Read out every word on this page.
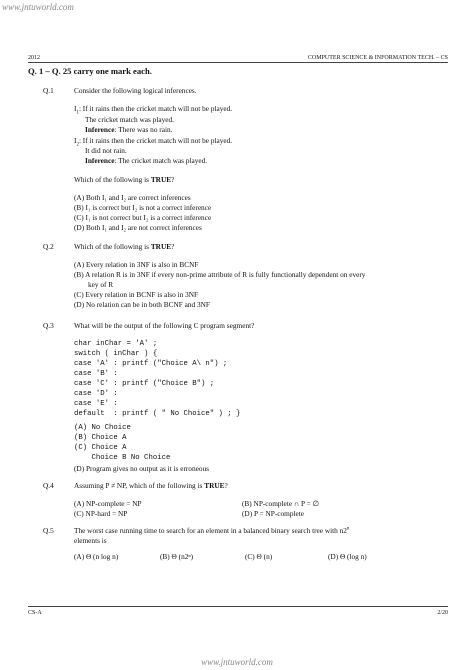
www.jntuworld.com
2012	COMPUTER SCIENCE & INFORMATION TECH. – CS
Q. 1 – Q. 25 carry one mark each.
Q.1	Consider the following logical inferences.
$I_1$: If it rains then the cricket match will not be played.
The cricket match was played.
Inference: There was no rain.
$I_2$: If it rains then the cricket match will not be played.
It did not rain.
Inference: The cricket match was played.
Which of the following is TRUE?
(A) Both I₁ and I₂ are correct inferences
(B) I₁ is correct but I₂ is not a correct inference
(C) I₁ is not correct but I₂ is a correct inference
(D) Both I₁ and I₂ are not correct inferences
Q.2	Which of the following is TRUE?
(A) Every relation in 3NF is also in BCNF
(B) A relation R is in 3NF if every non-prime attribute of R is fully functionally dependent on every
key of R
(C) Every relation in BCNF is also in 3NF
(D) No relation can be in both BCNF and 3NF
Q.3	What will be the output of the following C program segment?
char inChar = 'A' ;
switch ( inChar ) {
case 'A' : printf ("Choice A\ n") ;
case 'B' :
case 'C' : printf ("Choice B") ;
case 'D' :
case 'E' :
default  : printf ( " No Choice" ) ; }
(A) No Choice
(B) Choice A
(C) Choice A
Choice B No Choice
(D) Program gives no output as it is erroneous
Q.4	Assuming P ≠ NP, which of the following is TRUE?
(A) NP-complete = NP	(B) NP-complete ∩ P = ∅
(C) NP-hard = NP	(D) P = NP-complete
Q.5	The worst case running time to search for an element in a balanced binary search tree with n2$^n$
elements is
(A) Θ (n log n)	(B) Θ (n2ⁿ)	(C) Θ (n)	(D) Θ (log n)
CS-A	2/20
www.jntuworld.com
